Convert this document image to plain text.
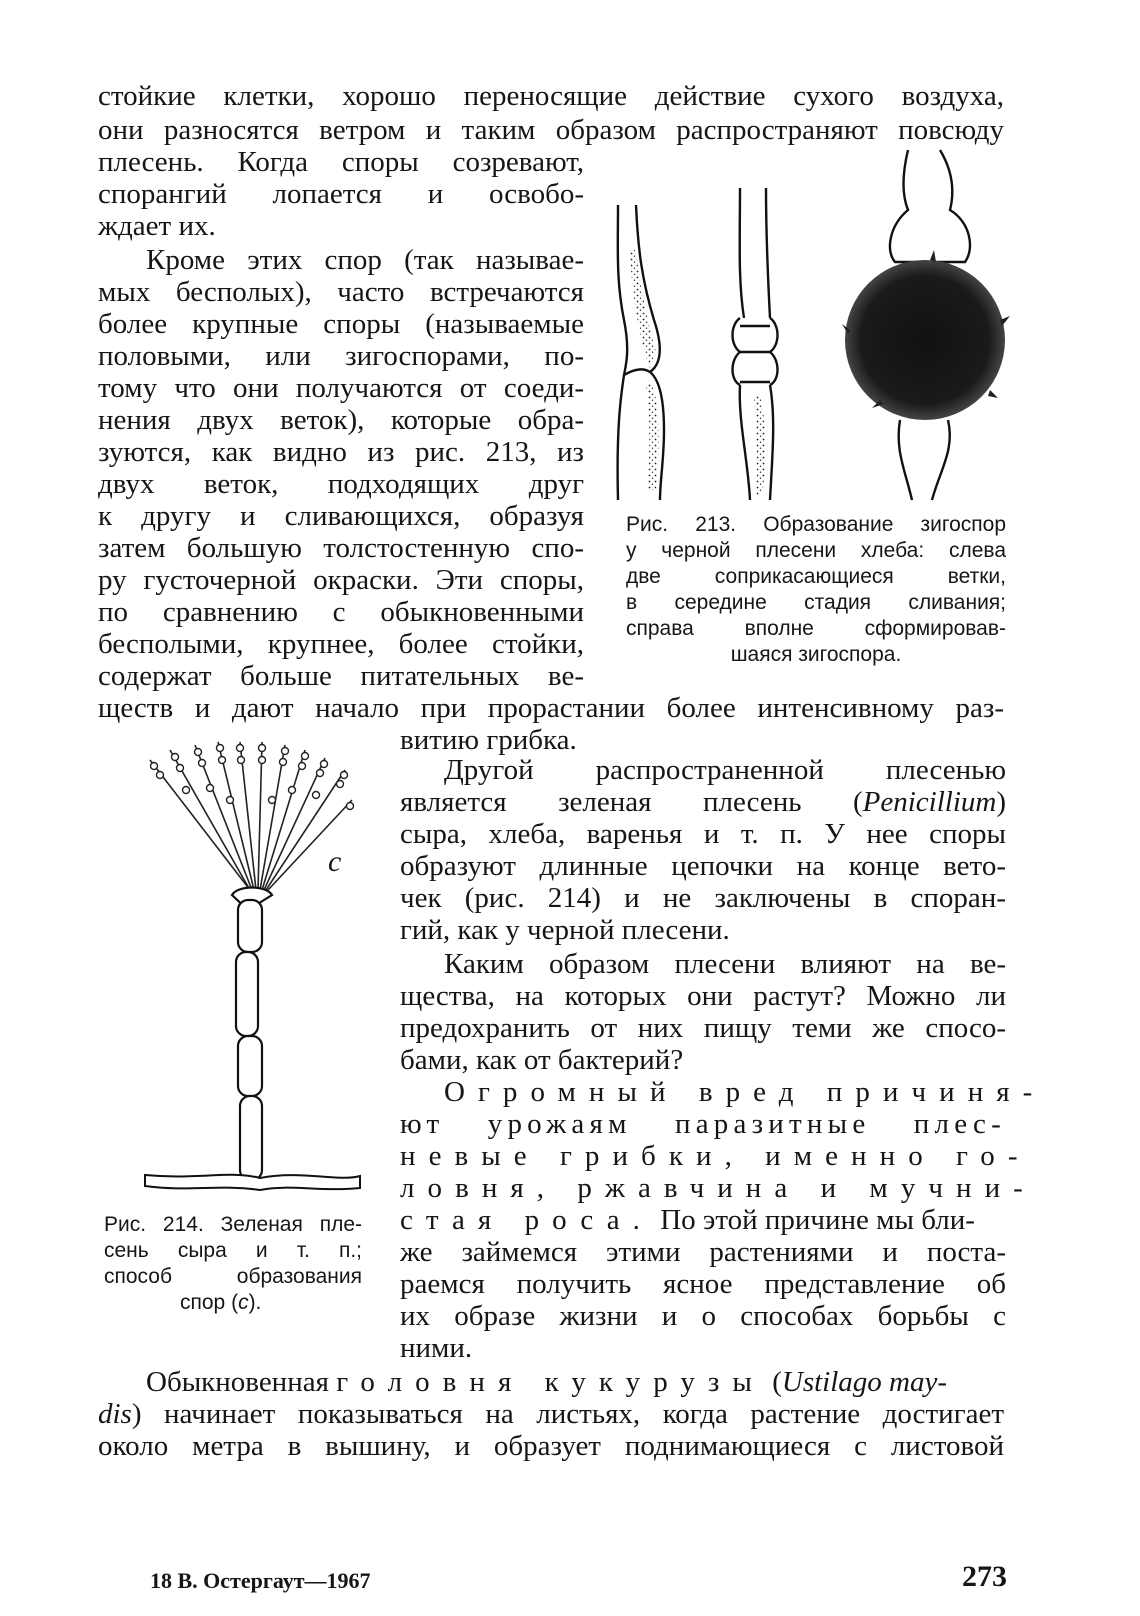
стойкие клетки, хорошо переносящие действие сухого воздуха,
они разносятся ветром и таким образом распространяют повсюду
плесень. Когда споры созревают,
спорангий лопается и освобо-
ждает их.
Кроме этих спор (так называе-
мых бесполых), часто встречаются
более крупные споры (называемые
половыми, или зигоспорами, по-
тому что они получаются от соеди-
нения двух веток), которые обра-
зуются, как видно из рис. 213, из
двух веток, подходящих друг
к другу и сливающихся, образуя
затем большую толстостенную спо-
ру густочерной окраски. Эти споры,
по сравнению с обыкновенными
бесполыми, крупнее, более стойки,
содержат больше питательных ве-
ществ и дают начало при прорастании более интенсивному раз-
витию грибка.
Рис. 213. Образование зигоспор
у черной плесени хлеба: слева
две соприкасающиеся ветки,
в середине стадия сливания;
справа вполне сформировав-
шаяся зигоспора.
с
Рис. 214. Зеленая пле-
сень сыра и т. п.;
способ образования
спор (c).
Другой распространенной плесенью
является зеленая плесень (Penicillium)
сыра, хлеба, варенья и т. п. У нее споры
образуют длинные цепочки на конце вето-
чек (рис. 214) и не заключены в споран-
гий, как у черной плесени.
Каким образом плесени влияют на ве-
щества, на которых они растут? Можно ли
предохранить от них пищу теми же спосо-
бами, как от бактерий?
Огромный вред причиня-
ют урожаям паразитные плес-
невые грибки, именно го-
ловня, ржавчина и мучни-
стая роса. По этой причине мы бли-
же займемся этими растениями и поста-
раемся получить ясное представление об
их образе жизни и о способах борьбы с
ними.
Обыкновенная головня кукурузы (Ustilago may-
dis) начинает показываться на листьях, когда растение достигает
около метра в вышину, и образует поднимающиеся с листовой
18 В. Остергаут—1967	273
